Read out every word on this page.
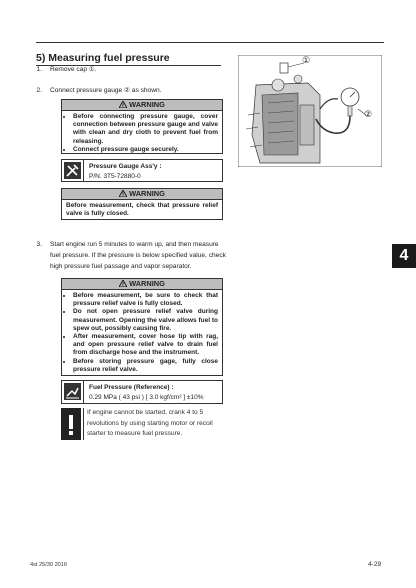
5) Measuring fuel pressure
1. Remove cap ①.
2. Connect pressure gauge ② as shown.
WARNING
• Before connecting pressure gauge, cover connection between pressure gauge and valve with clean and dry cloth to prevent fuel from releasing.
• Connect pressure gauge securely.
Pressure Gauge Ass'y :
P/N. 3T5-72880-0
WARNING

Before measurement, check that pressure relief valve is fully closed.

3. Start engine run 5 minutes to warm up, and then measure
fuel pressure. If the pressure is below specified value, check
high pressure fuel passage and vapor separator.
WARNING
• Before measurement, be sure to check that pressure relief valve is fully closed.
• Do not open pressure relief valve during measurement. Opening the valve allows fuel to spew out, possibly causing fire.
• After measurement, cover hose tip with rag, and open pressure relief valve to drain fuel from discharge hose and the instrument.
• Before storing pressure gage, fully close pressure relief valve.
Fuel Pressure (Reference) :
0.29 MPa ( 43 psi ) [ 3.0 kgf/cm² ] ±10%
If engine cannot be started, crank 4 to 5
revolutions by using starting motor or recoil
starter to measure fuel pressure.
①
②
4
4st 25/30 2016	4-29
